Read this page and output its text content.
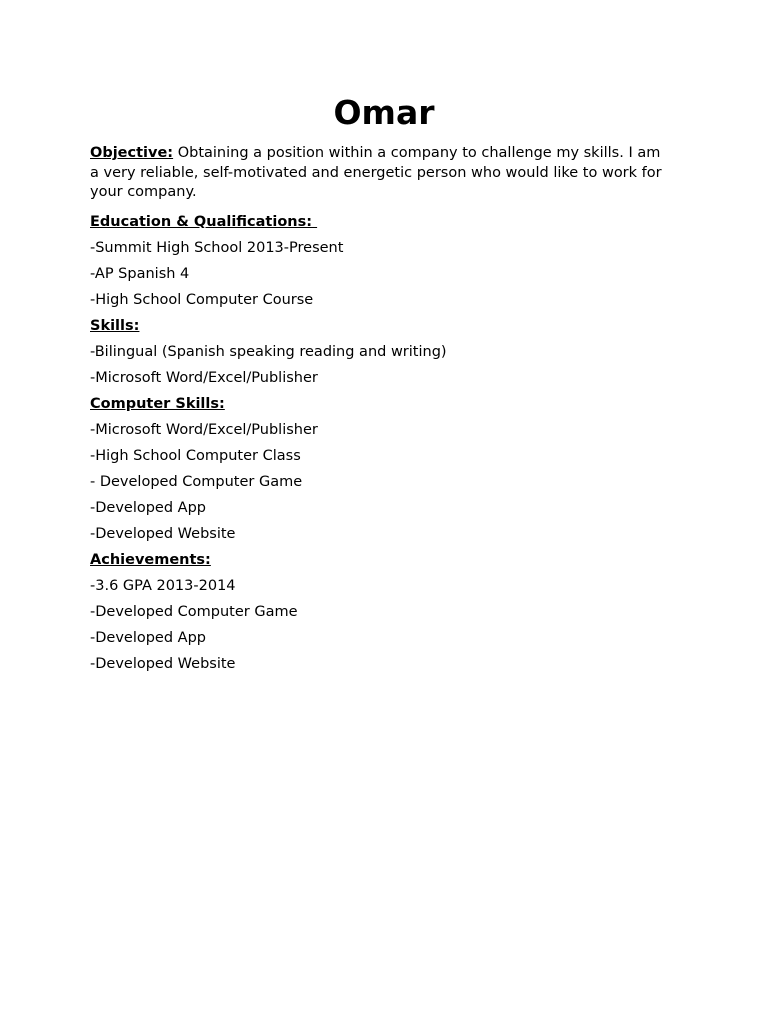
Omar
Objective: Obtaining a position within a company to challenge my skills. I am a very reliable, self-motivated and energetic person who would like to work for your company.
Education & Qualifications:
-Summit High School 2013-Present
-AP Spanish 4
-High School Computer Course
Skills:
-Bilingual (Spanish speaking reading and writing)
-Microsoft Word/Excel/Publisher
Computer Skills:
-Microsoft Word/Excel/Publisher
-High School Computer Class
- Developed Computer Game
-Developed App
-Developed Website
Achievements:
-3.6 GPA 2013-2014
-Developed Computer Game
-Developed App
-Developed Website
